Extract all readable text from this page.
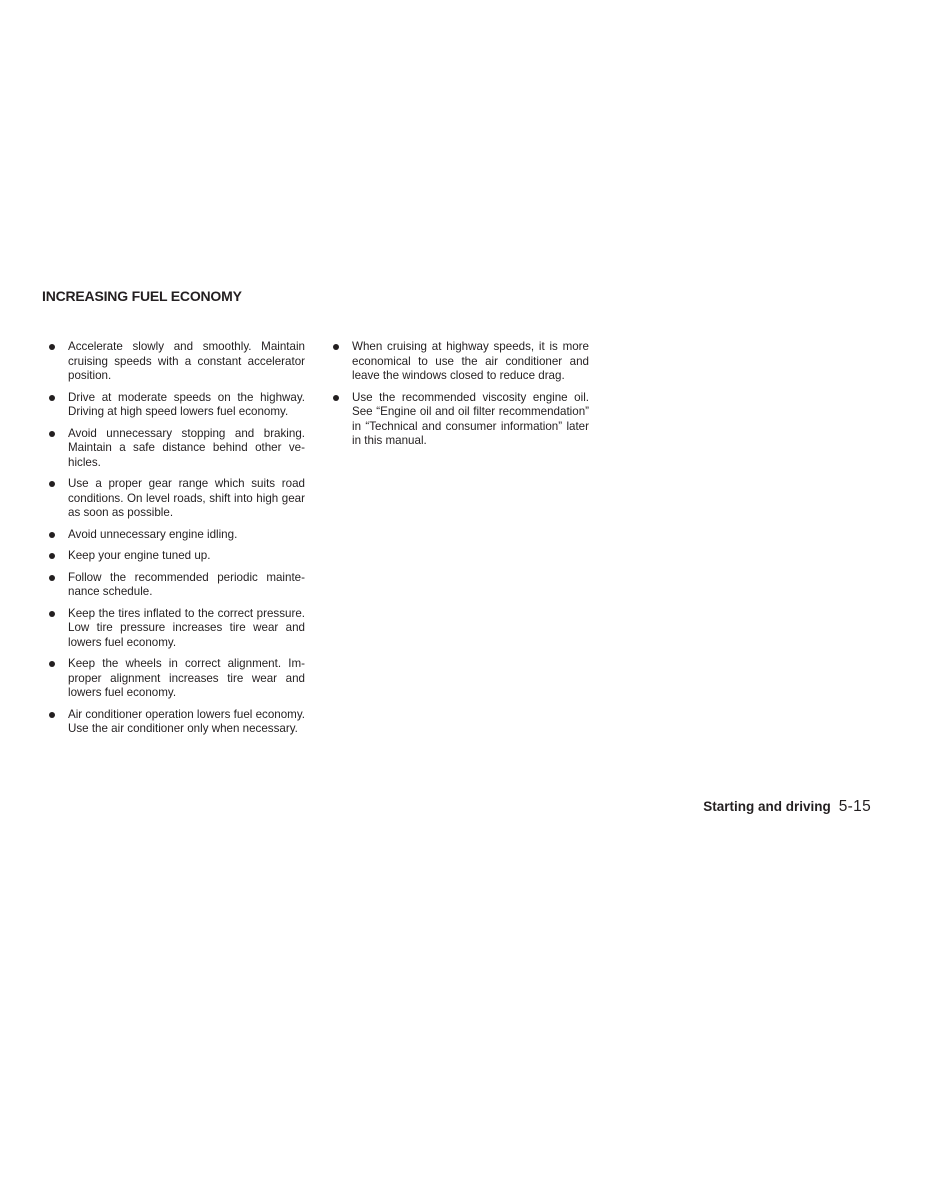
INCREASING FUEL ECONOMY
Accelerate slowly and smoothly. Maintain cruising speeds with a constant accelerator position.
Drive at moderate speeds on the highway. Driving at high speed lowers fuel economy.
Avoid unnecessary stopping and braking. Maintain a safe distance behind other vehicles.
Use a proper gear range which suits road conditions. On level roads, shift into high gear as soon as possible.
Avoid unnecessary engine idling.
Keep your engine tuned up.
Follow the recommended periodic maintenance schedule.
Keep the tires inflated to the correct pressure. Low tire pressure increases tire wear and lowers fuel economy.
Keep the wheels in correct alignment. Improper alignment increases tire wear and lowers fuel economy.
Air conditioner operation lowers fuel economy. Use the air conditioner only when necessary.
When cruising at highway speeds, it is more economical to use the air conditioner and leave the windows closed to reduce drag.
Use the recommended viscosity engine oil. See “Engine oil and oil filter recommendation” in “Technical and consumer information” later in this manual.
Starting and driving 5-15
